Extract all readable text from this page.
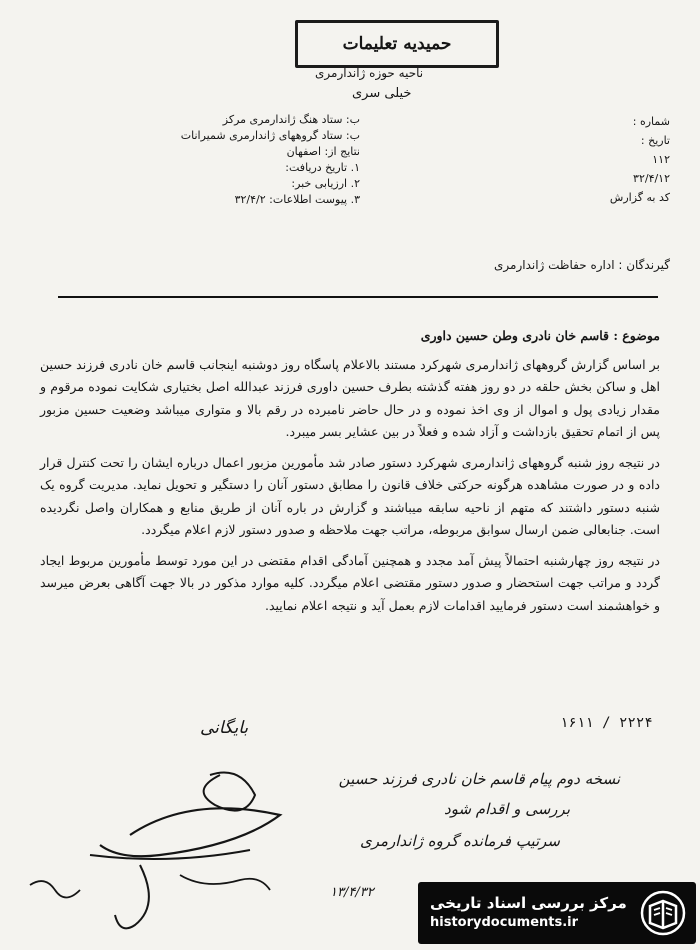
حمیدیه تعلیمات
ناحیه حوزه ژاندارمری
خیلی سری
ب: ستاد هنگ ژاندارمری مرکز
ب: ستاد گروههای ژاندارمری شمیرانات
نتایج از: اصفهان
۱. تاریخ دریافت:
۲. ارزیابی خبر:
۳. پیوست اطلاعات: ۳۲/۴/۲
شماره :
تاریخ :
۱۱۲
۳۲/۴/۱۲
کد به گزارش
گیرندگان : اداره حفاظت ژاندارمری

موضوع : قاسم خان نادری وطن حسین داوری

بر اساس گزارش گروههای ژاندارمری شهرکرد مستند بالاعلام پاسگاه روز دوشنبه اینجانب قاسم خان نادری فرزند حسین اهل و ساکن بخش حلقه در دو روز هفته گذشته بطرف حسین داوری فرزند عبدالله اصل بختیاری شکایت نموده مرقوم و مقدار زیادی پول و اموال از وی اخذ نموده و در حال حاضر نامبرده در رقم بالا و متواری میباشد وضعیت حسین مزبور پس از اتمام تحقیق بازداشت و آزاد شده و فعلاً در بین عشایر بسر میبرد.

در نتیجه روز شنبه گروههای ژاندارمری شهرکرد دستور صادر شد مأمورین مزبور اعمال درباره ایشان را تحت کنترل قرار داده و در صورت مشاهده هرگونه حرکتی خلاف قانون را مطابق دستور آنان را دستگیر و تحویل نماید. مدیریت گروه یک شنبه دستور داشتند که متهم از ناحیه سابقه میباشند و گزارش در باره آنان از طریق منابع و همکاران واصل نگردیده است. جنابعالی ضمن ارسال سوابق مربوطه، مراتب جهت ملاحظه و صدور دستور لازم اعلام میگردد.

در نتیجه روز چهارشنبه احتمالاً پیش آمد مجدد و همچنین آمادگی اقدام مقتضی در این مورد توسط مأمورین مربوط ایجاد گردد و مراتب جهت استحضار و صدور دستور مقتضی اعلام میگردد. کلیه موارد مذکور در بالا جهت آگاهی بعرض میرسد و خواهشمند است دستور فرمایید اقدامات لازم بعمل آید و نتیجه اعلام نمایید.

۱۶۱۱ / ۲۲۲۴
بایگانی
نسخه دوم پیام قاسم خان نادری فرزند حسین
بررسی و اقدام شود
سرتیپ فرمانده گروه ژاندارمری
۱۳/۴/۳۲
مرکز بررسی اسناد تاریخی
historydocuments.ir
